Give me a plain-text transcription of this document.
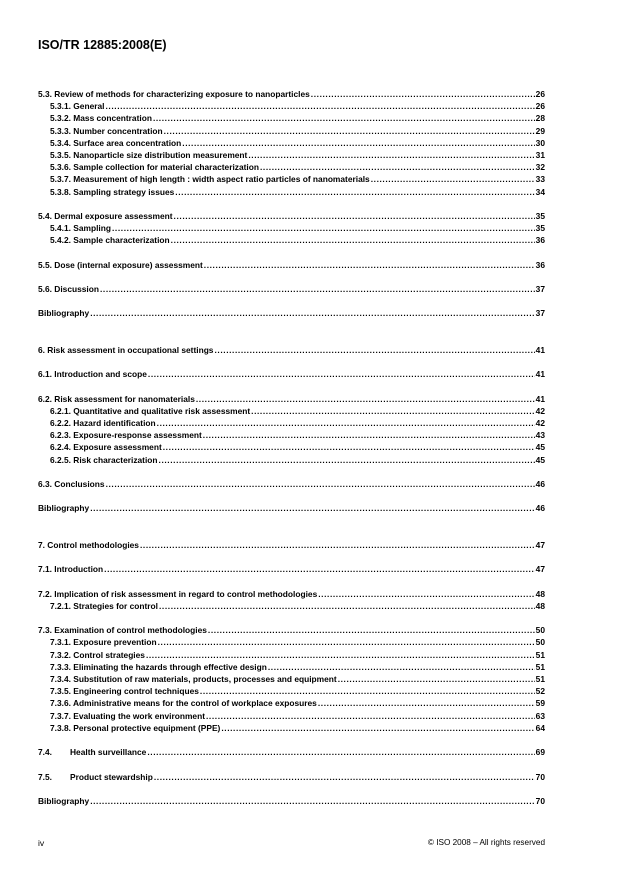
ISO/TR 12885:2008(E)
5.3. Review of methods for characterizing exposure to nanoparticles .....	26
5.3.1. General .....	26
5.3.2. Mass concentration .....	28
5.3.3. Number concentration .....	29
5.3.4. Surface area concentration .....	30
5.3.5. Nanoparticle size distribution measurement .....	31
5.3.6. Sample collection for material characterization .....	32
5.3.7. Measurement of high length : width aspect ratio particles of nanomaterials .....	33
5.3.8. Sampling strategy issues .....	34
5.4. Dermal exposure assessment .....	35
5.4.1. Sampling .....	35
5.4.2. Sample characterization .....	36
5.5. Dose (internal exposure) assessment .....	36
5.6. Discussion .....	37
Bibliography .....	37
6. Risk assessment in occupational settings .....	41
6.1. Introduction and scope .....	41
6.2. Risk assessment for nanomaterials .....	41
6.2.1. Quantitative and qualitative risk assessment .....	42
6.2.2. Hazard identification .....	42
6.2.3. Exposure-response assessment .....	43
6.2.4. Exposure assessment .....	45
6.2.5. Risk characterization .....	45
6.3. Conclusions .....	46
Bibliography .....	46
7. Control methodologies .....	47
7.1. Introduction .....	47
7.2. Implication of risk assessment in regard to control methodologies .....	48
7.2.1. Strategies for control .....	48
7.3. Examination of control methodologies .....	50
7.3.1. Exposure prevention .....	50
7.3.2. Control strategies .....	51
7.3.3. Eliminating the hazards through effective design .....	51
7.3.4. Substitution of raw materials, products, processes and equipment .....	51
7.3.5. Engineering control techniques .....	52
7.3.6. Administrative means for the control of workplace exposures .....	59
7.3.7. Evaluating the work environment .....	63
7.3.8. Personal protective equipment (PPE) .....	64
7.4. Health surveillance .....	69
7.5. Product stewardship .....	70
Bibliography .....	70
iv	© ISO 2008 – All rights reserved
